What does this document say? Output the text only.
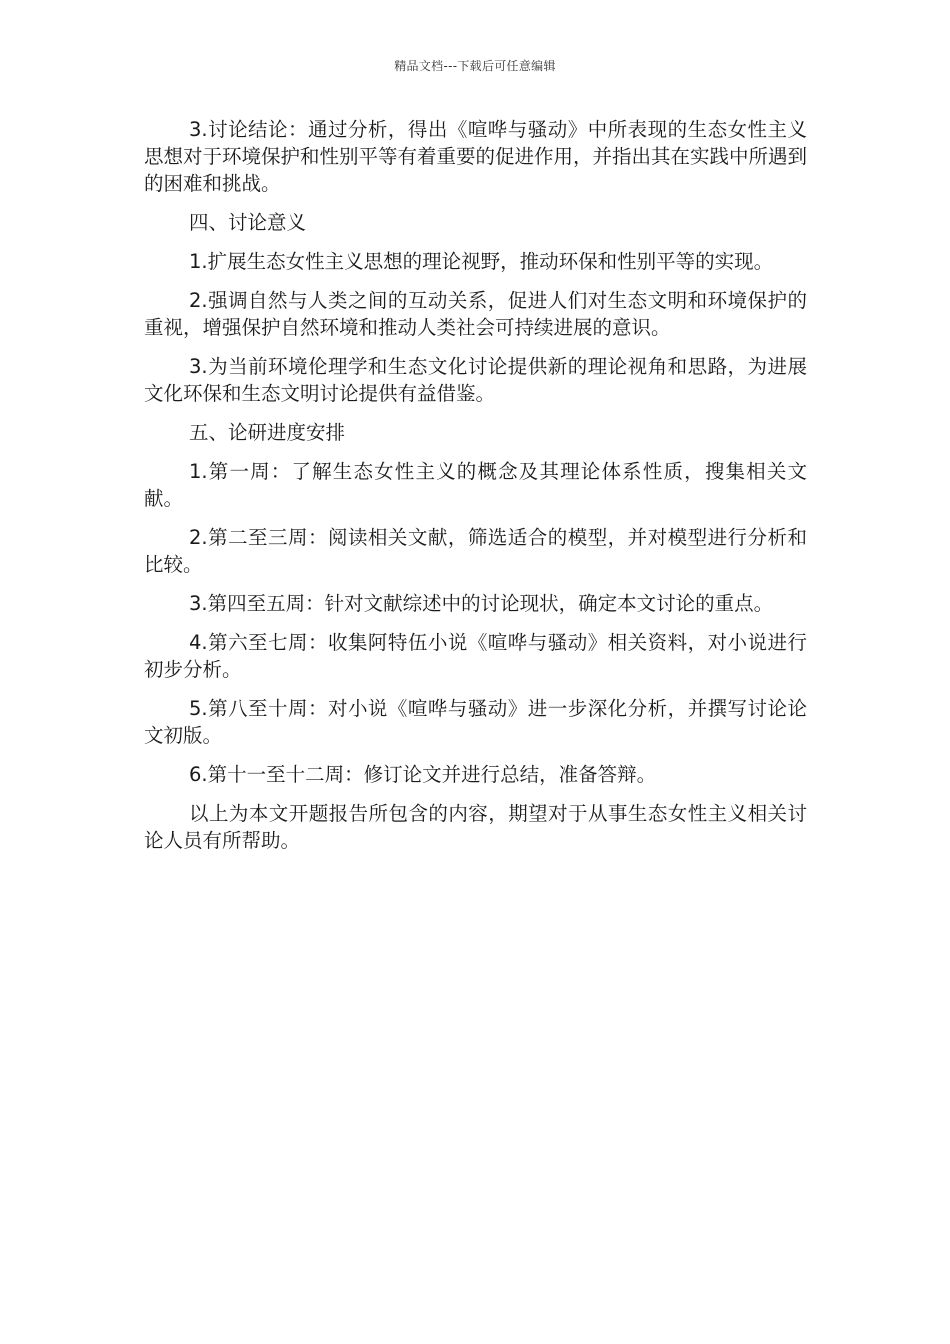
精品文档---下载后可任意编辑

3.讨论结论：通过分析，得出《喧哗与骚动》中所表现的生态女性主义思想对于环境保护和性别平等有着重要的促进作用，并指出其在实践中所遇到的困难和挑战。

四、讨论意义

1.扩展生态女性主义思想的理论视野，推动环保和性别平等的实现。

2.强调自然与人类之间的互动关系，促进人们对生态文明和环境保护的重视，增强保护自然环境和推动人类社会可持续进展的意识。

3.为当前环境伦理学和生态文化讨论提供新的理论视角和思路，为进展文化环保和生态文明讨论提供有益借鉴。

五、论研进度安排

1.第一周：了解生态女性主义的概念及其理论体系性质，搜集相关文献。

2.第二至三周：阅读相关文献，筛选适合的模型，并对模型进行分析和比较。

3.第四至五周：针对文献综述中的讨论现状，确定本文讨论的重点。

4.第六至七周：收集阿特伍小说《喧哗与骚动》相关资料，对小说进行初步分析。

5.第八至十周：对小说《喧哗与骚动》进一步深化分析，并撰写讨论论文初版。

6.第十一至十二周：修订论文并进行总结，准备答辩。

以上为本文开题报告所包含的内容，期望对于从事生态女性主义相关讨论人员有所帮助。
